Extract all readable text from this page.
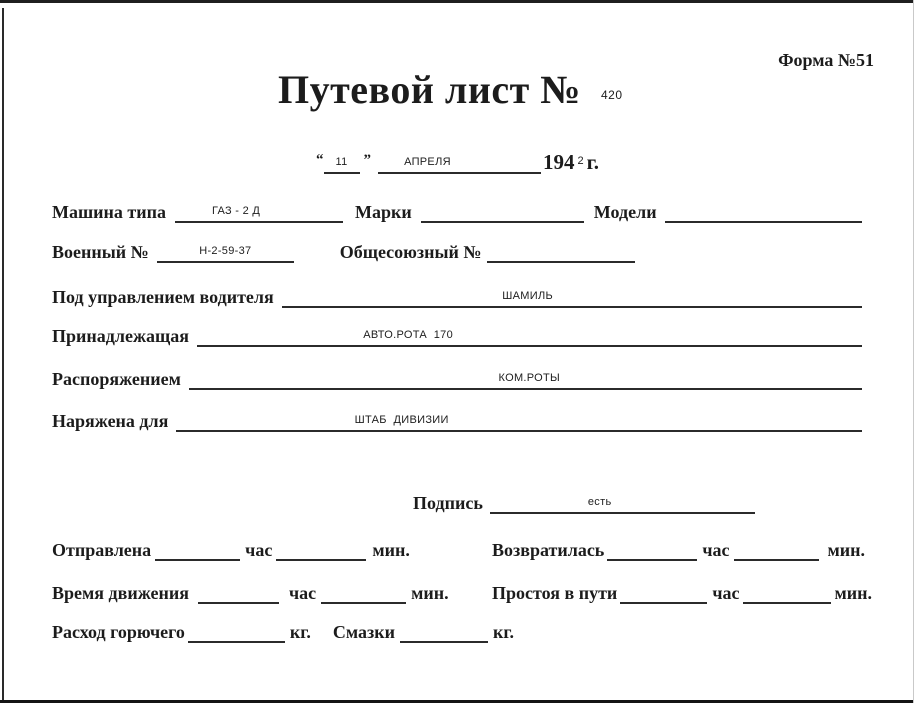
Форма №51
Путевой лист № 420
“ 11 ”	АПРЕЛЯ	194 2 г.
Машина типа	ГАЗ - 2 Д	Марки	Модели
Военный №	Н-2-59-37	Общесоюзный №
Под управлением водителя	ШАМИЛЬ
Принадлежащая	АВТО.РОТА  170
Распоряжением	КОМ.РОТЫ
Наряжена для	ШТАБ  ДИВИЗИИ
Подпись	есть
Отправлена	час	мин.	Возвратилась	час	мин.
Время движения	час	мин. Простоя в пути	час	мин.
Расход горючего	кг. Смазки	кг.
